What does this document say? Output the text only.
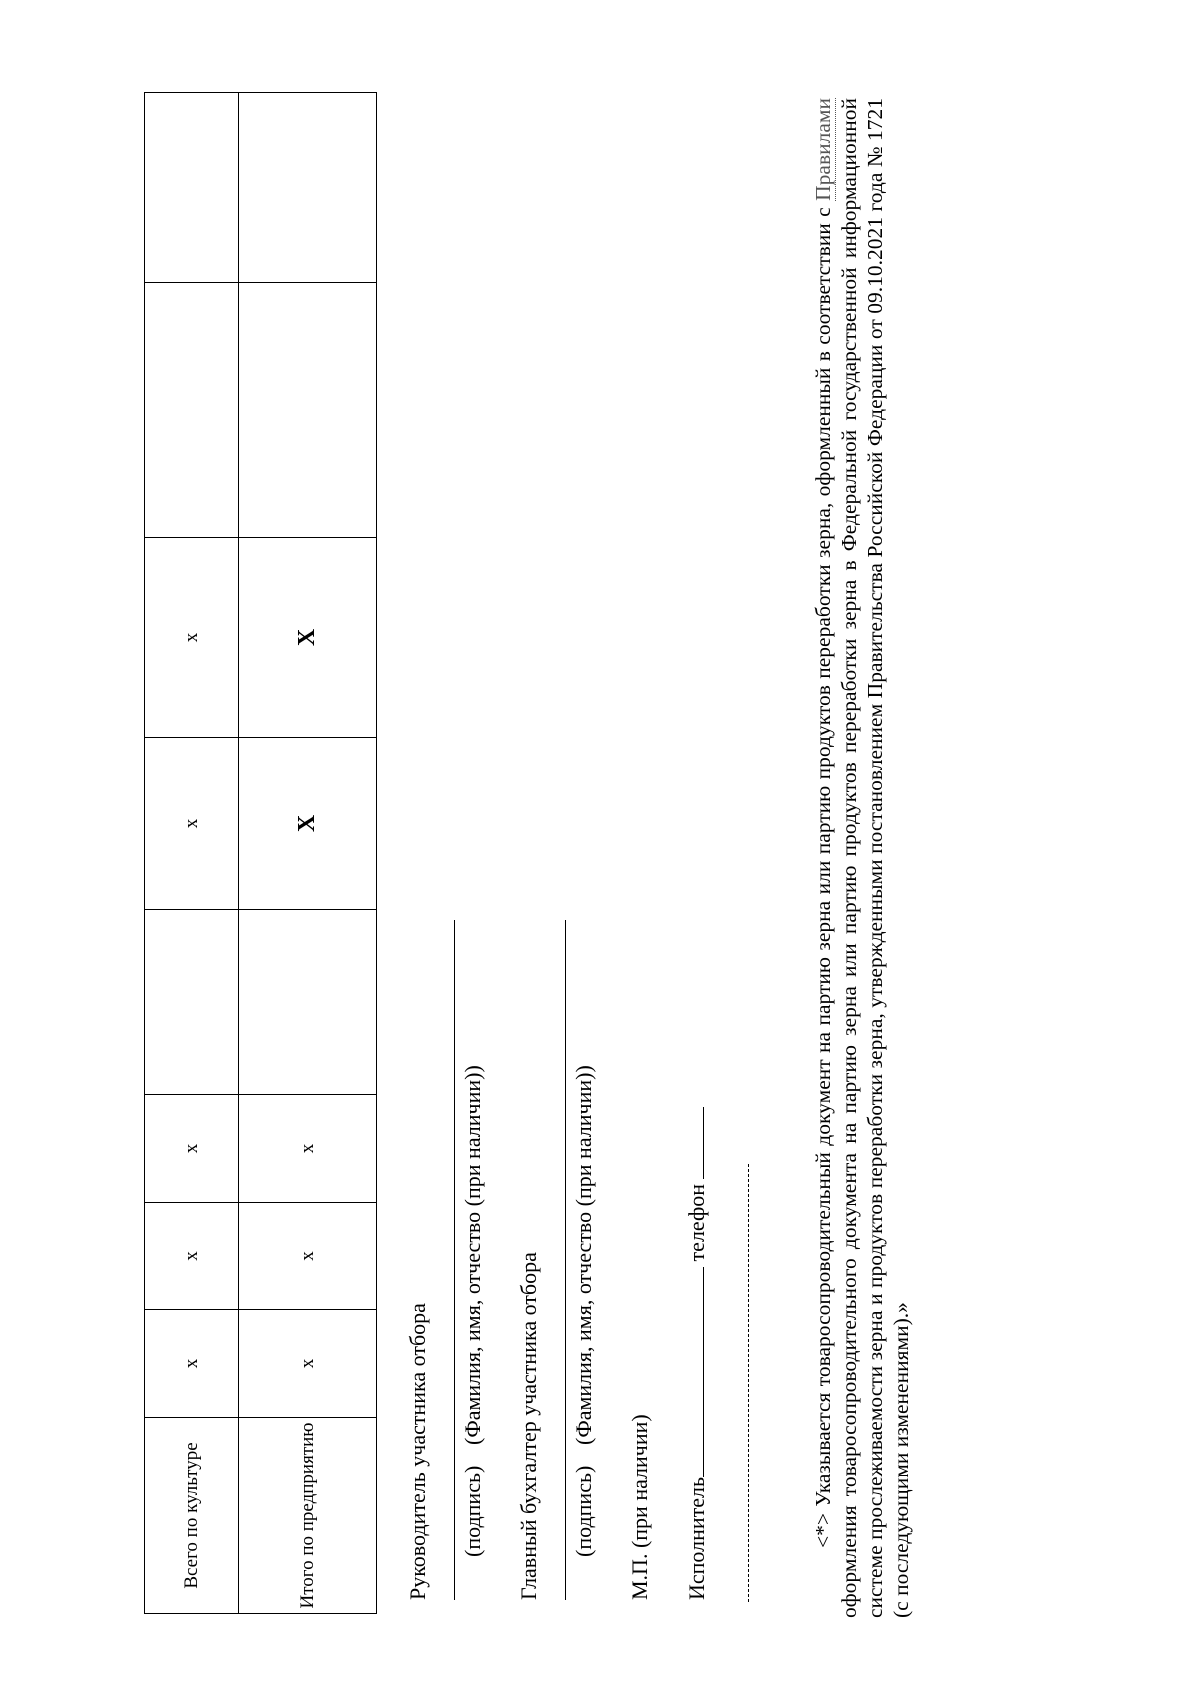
Всего по культуре	x	x	x		x	x		
Итого по предприятию	x	x	x		X	X		
Руководитель участника отбора (подпись)
(Фамилия, имя, отчество (при наличии)) Главный бухгалтер участника отбора (подпись)
(Фамилия, имя, отчество (при наличии))
М.П. (при наличии) Исполнитель телефон	<*> Указывается товаросопроводительный документ на партию зерна или партию продуктов переработки зерна, оформленный в соответствии с Правилами оформления товаросопроводительного документа на партию зерна или партию продуктов переработки зерна в Федеральной государственной информационной системе прослеживаемости зерна и продуктов переработки зерна, утвержденными постановлением Правительства Российской Федерации от 09.10.2021 года № 1721 (с последующими изменениями).»
